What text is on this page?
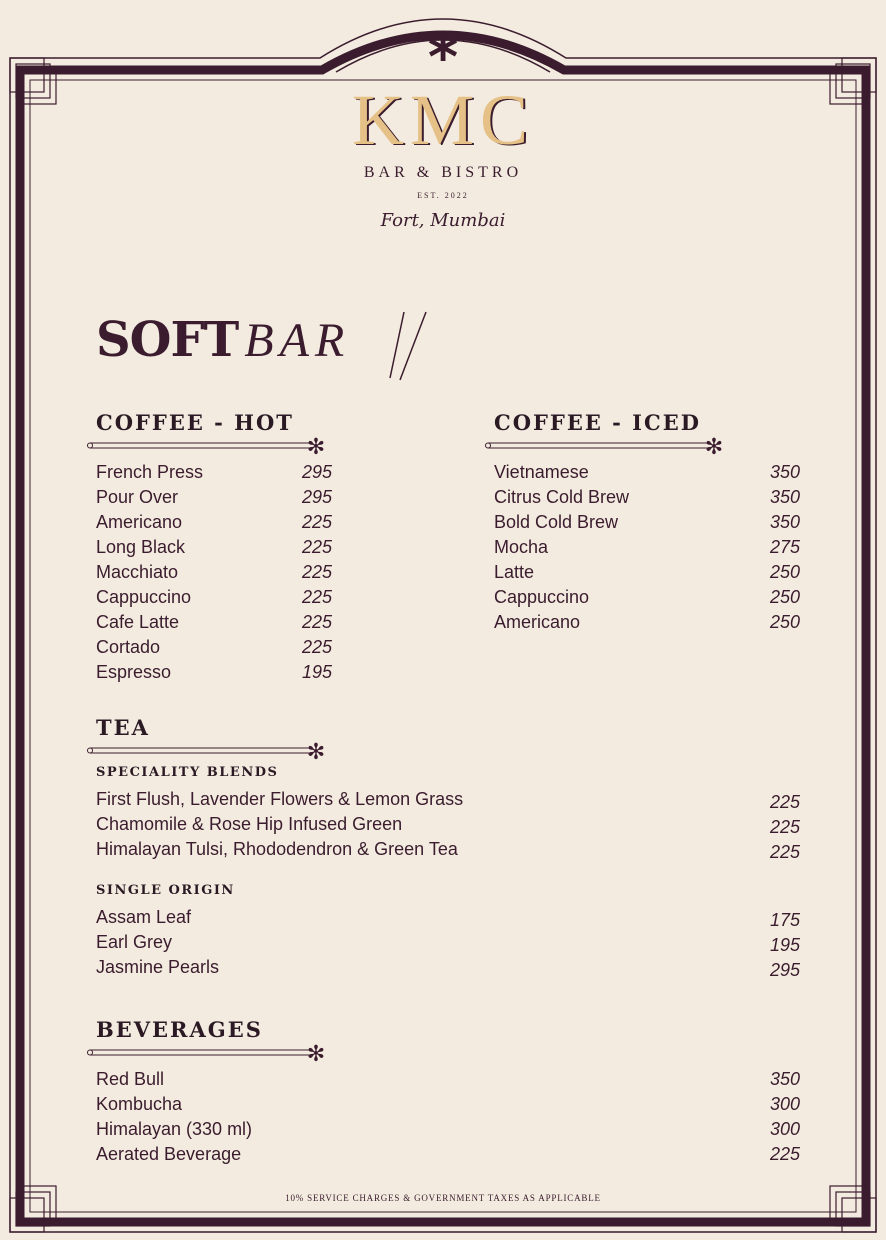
✻	✻
✻
✻
*
KMC
BAR & BISTRO
EST. 2022
Fort, Mumbai
SOFT BAR
COFFEE - HOT
French Press	295
Pour Over	295
Americano	225
Long Black	225
Macchiato	225
Cappuccino	225
Cafe Latte	225
Cortado	225
Espresso	195
COFFEE - ICED
Vietnamese	350
Citrus Cold Brew	350
Bold Cold Brew	350
Mocha	275
Latte	250
Cappuccino	250
Americano	250
TEA
SPECIALITY BLENDS
First Flush, Lavender Flowers & Lemon Grass	225
Chamomile & Rose Hip Infused Green	225
Himalayan Tulsi, Rhododendron & Green Tea	225
SINGLE ORIGIN
Assam Leaf	175
Earl Grey	195
Jasmine Pearls	295
BEVERAGES
Red Bull	350
Kombucha	300
Himalayan (330 ml)	300
Aerated Beverage	225
10% SERVICE CHARGES & GOVERNMENT TAXES AS APPLICABLE
